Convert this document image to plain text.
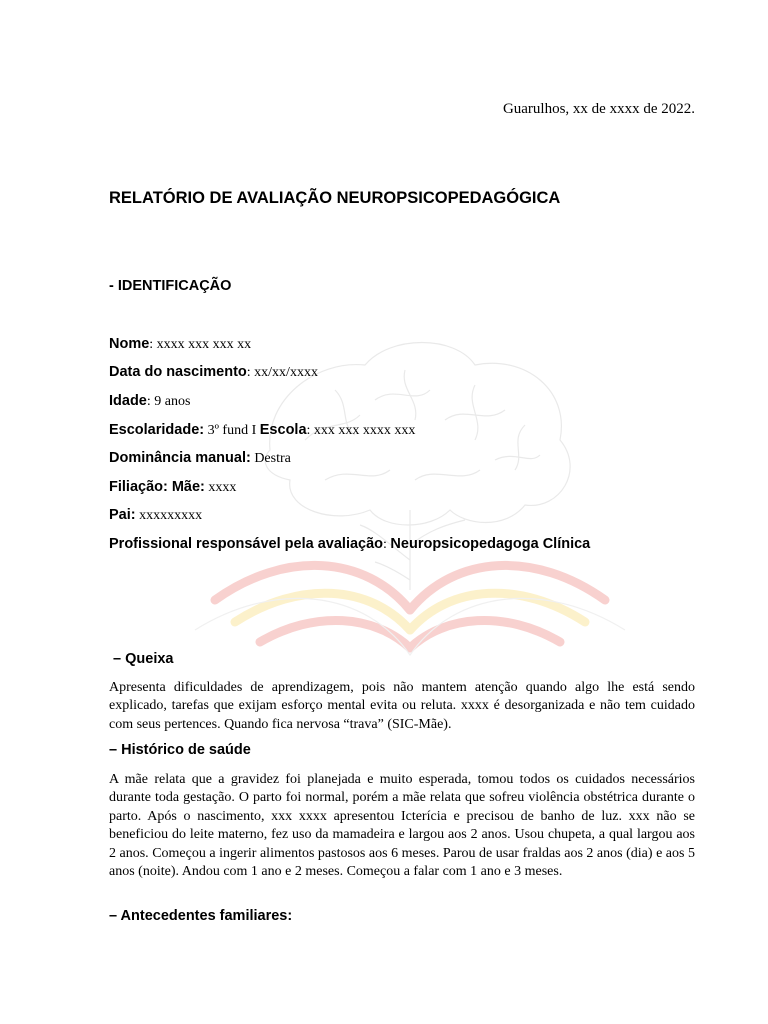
Guarulhos, xx de xxxx de 2022.
RELATÓRIO DE AVALIAÇÃO NEUROPSICOPEDAGÓGICA
- IDENTIFICAÇÃO
Nome: xxxx xxx xxx xx
Data do nascimento: xx/xx/xxxx
Idade: 9 anos
Escolaridade: 3º fund I Escola: xxx xxx xxxx xxx
Dominância manual: Destra
Filiação: Mãe: xxxx
Pai: xxxxxxxxx
Profissional responsável pela avaliação: Neuropsicopedagoga Clínica
– Queixa

Apresenta dificuldades de aprendizagem, pois não mantem atenção quando algo lhe está sendo explicado, tarefas que exijam esforço mental evita ou reluta. xxxx é desorganizada e não tem cuidado com seus pertences. Quando fica nervosa “trava” (SIC-Mãe).

– Histórico de saúde

A mãe relata que a gravidez foi planejada e muito esperada, tomou todos os cuidados necessários durante toda gestação. O parto foi normal, porém a mãe relata que sofreu violência obstétrica durante o parto. Após o nascimento, xxx xxxx apresentou Icterícia e precisou de banho de luz. xxx não se beneficiou do leite materno, fez uso da mamadeira e largou aos 2 anos. Usou chupeta, a qual largou aos 2 anos. Começou a ingerir alimentos pastosos aos 6 meses. Parou de usar fraldas aos 2 anos (dia) e aos 5 anos (noite). Andou com 1 ano e 2 meses. Começou a falar com 1 ano e 3 meses.

– Antecedentes familiares:
